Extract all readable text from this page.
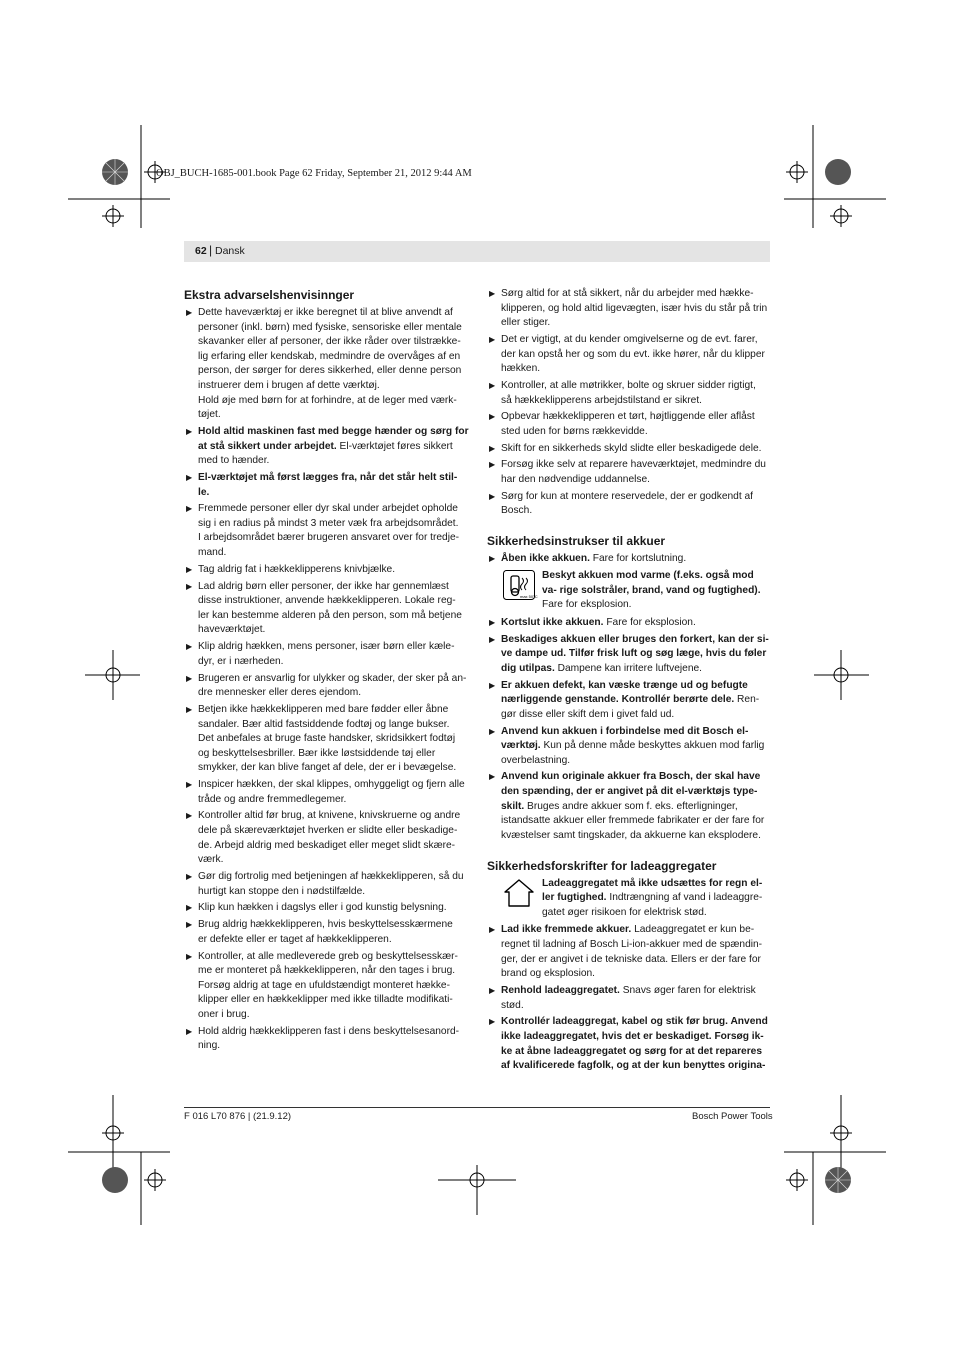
OBJ_BUCH-1685-001.book Page 62 Friday, September 21, 2012 9:44 AM
62 | Dansk
Ekstra advarselshenvisinnger
▶ Dette haveværktøj er ikke beregnet til at blive anvendt af
personer (inkl. børn) med fysiske, sensoriske eller mentale
skavanker eller af personer, der ikke råder over tilstrække-
lig erfaring eller kendskab, medmindre de overvåges af en
person, der sørger for deres sikkerhed, eller denne person
instruerer dem i brugen af dette værktøj.
Hold øje med børn for at forhindre, at de leger med værk-
tøjet.
▶ Hold altid maskinen fast med begge hænder og sørg for
at stå sikkert under arbejdet. El-værktøjet føres sikkert
med to hænder.
▶ El-værktøjet må først lægges fra, når det står helt stil-
le.
▶ Fremmede personer eller dyr skal under arbejdet opholde
sig i en radius på mindst 3 meter væk fra arbejdsområdet.
I arbejdsområdet bærer brugeren ansvaret over for tredje-
mand.
▶ Tag aldrig fat i hækkeklipperens knivbjælke.
▶ Lad aldrig børn eller personer, der ikke har gennemlæst
disse instruktioner, anvende hækkeklipperen. Lokale reg-
ler kan bestemme alderen på den person, som må betjene
haveværktøjet.
▶ Klip aldrig hækken, mens personer, især børn eller kæle-
dyr, er i nærheden.
▶ Brugeren er ansvarlig for ulykker og skader, der sker på an-
dre mennesker eller deres ejendom.
▶ Betjen ikke hækkeklipperen med bare fødder eller åbne
sandaler. Bær altid fastsiddende fodtøj og lange bukser.
Det anbefales at bruge faste handsker, skridsikkert fodtøj
og beskyttelsesbriller. Bær ikke løstsiddende tøj eller
smykker, der kan blive fanget af dele, der er i bevægelse.
▶ Inspicer hækken, der skal klippes, omhyggeligt og fjern alle
tråde og andre fremmedlegemer.
▶ Kontroller altid før brug, at knivene, knivskruerne og andre
dele på skæreværktøjet hverken er slidte eller beskadige-
de. Arbejd aldrig med beskadiget eller meget slidt skære-
værk.
▶ Gør dig fortrolig med betjeningen af hækkeklipperen, så du
hurtigt kan stoppe den i nødstilfælde.
▶ Klip kun hækken i dagslys eller i god kunstig belysning.
▶ Brug aldrig hækkeklipperen, hvis beskyttelsesskærmene
er defekte eller er taget af hækkeklipperen.
▶ Kontroller, at alle medleverede greb og beskyttelsesskær-
me er monteret på hækkeklipperen, når den tages i brug.
Forsøg aldrig at tage en ufuldstændigt monteret hække-
klipper eller en hækkeklipper med ikke tilladte modifikati-
oner i brug.
▶ Hold aldrig hækkeklipperen fast i dens beskyttelsesanord-
ning.
▶ Sørg altid for at stå sikkert, når du arbejder med hække-
klipperen, og hold altid ligevægten, især hvis du står på trin
eller stiger.
▶ Det er vigtigt, at du kender omgivelserne og de evt. farer,
der kan opstå her og som du evt. ikke hører, når du klipper
hækken.
▶ Kontroller, at alle møtrikker, bolte og skruer sidder rigtigt,
så hækkeklipperens arbejdstilstand er sikret.
▶ Opbevar hækkeklipperen et tørt, højtliggende eller aflåst
sted uden for børns rækkevidde.
▶ Skift for en sikkerheds skyld slidte eller beskadigede dele.
▶ Forsøg ikke selv at reparere haveværktøjet, medmindre du
har den nødvendige uddannelse.
▶ Sørg for kun at montere reservedele, der er godkendt af
Bosch.
Sikkerhedsinstrukser til akkuer
▶ Åben ikke akkuen. Fare for kortslutning.
max 50°C
Beskyt akkuen mod varme (f.eks. også mod va- rige solstråler, brand, vand og fugtighed). Fare for eksplosion.
▶ Kortslut ikke akkuen. Fare for eksplosion.
▶ Beskadiges akkuen eller bruges den forkert, kan der si-
ve dampe ud. Tilfør frisk luft og søg læge, hvis du føler
dig utilpas. Dampene kan irritere luftvejene.
▶ Er akkuen defekt, kan væske trænge ud og befugte
nærliggende genstande. Kontrollér berørte dele. Ren-
gør disse eller skift dem i givet fald ud.
▶ Anvend kun akkuen i forbindelse med dit Bosch el-
værktøj. Kun på denne måde beskyttes akkuen mod farlig
overbelastning.
▶ Anvend kun originale akkuer fra Bosch, der skal have
den spænding, der er angivet på dit el-værktøjs type-
skilt. Bruges andre akkuer som f. eks. efterligninger,
istandsatte akkuer eller fremmede fabrikater er der fare for
kvæstelser samt tingskader, da akkuerne kan eksplodere.
Sikkerhedsforskrifter for ladeaggregater
Ladeaggregatet må ikke udsættes for regn el- ler fugtighed. Indtrængning af vand i ladeaggre- gatet øger risikoen for elektrisk stød.
▶ Lad ikke fremmede akkuer. Ladeaggregatet er kun be-
regnet til ladning af Bosch Li-ion-akkuer med de spændin-
ger, der er angivet i de tekniske data. Ellers er der fare for
brand og eksplosion.
▶ Renhold ladeaggregatet. Snavs øger faren for elektrisk
stød.
▶ Kontrollér ladeaggregat, kabel og stik før brug. Anvend
ikke ladeaggregatet, hvis det er beskadiget. Forsøg ik-
ke at åbne ladeaggregatet og sørg for at det repareres
af kvalificerede fagfolk, og at der kun benyttes origina-
F 016 L70 876 | (21.9.12)	Bosch Power Tools
